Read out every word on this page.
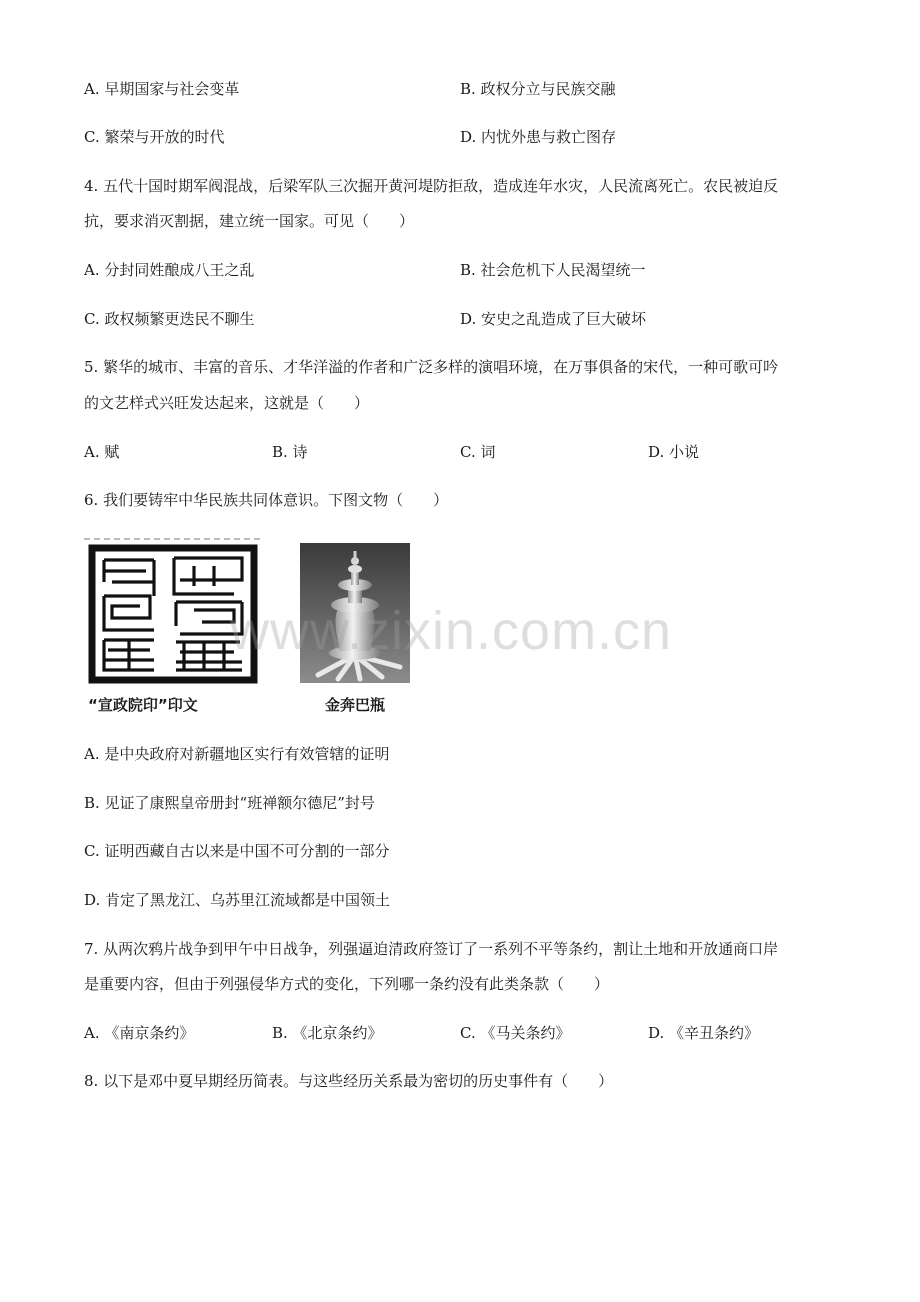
A. 早期国家与社会变革	B. 政权分立与民族交融
C. 繁荣与开放的时代	D. 内忧外患与救亡图存
4. 五代十国时期军阀混战，后梁军队三次掘开黄河堤防拒敌，造成连年水灾，人民流离死亡。农民被迫反
抗，要求消灭割据，建立统一国家。可见（　　）
A. 分封同姓酿成八王之乱	B. 社会危机下人民渴望统一
C. 政权频繁更迭民不聊生	D. 安史之乱造成了巨大破坏
5. 繁华的城市、丰富的音乐、才华洋溢的作者和广泛多样的演唱环境，在万事俱备的宋代，一种可歌可吟
的文艺样式兴旺发达起来，这就是（　　）
A. 赋	B. 诗	C. 词	D. 小说
6. 我们要铸牢中华民族共同体意识。下图文物（　　）
“宣政院印”印文	金奔巴瓶
www.zixin.com.cn
A. 是中央政府对新疆地区实行有效管辖的证明
B. 见证了康熙皇帝册封“班禅额尔德尼”封号
C. 证明西藏自古以来是中国不可分割的一部分
D. 肯定了黑龙江、乌苏里江流域都是中国领土
7. 从两次鸦片战争到甲午中日战争，列强逼迫清政府签订了一系列不平等条约，割让土地和开放通商口岸
是重要内容，但由于列强侵华方式的变化，下列哪一条约没有此类条款（　　）
A. 《南京条约》	B. 《北京条约》	C. 《马关条约》	D. 《辛丑条约》
8. 以下是邓中夏早期经历简表。与这些经历关系最为密切的历史事件有（　　）
